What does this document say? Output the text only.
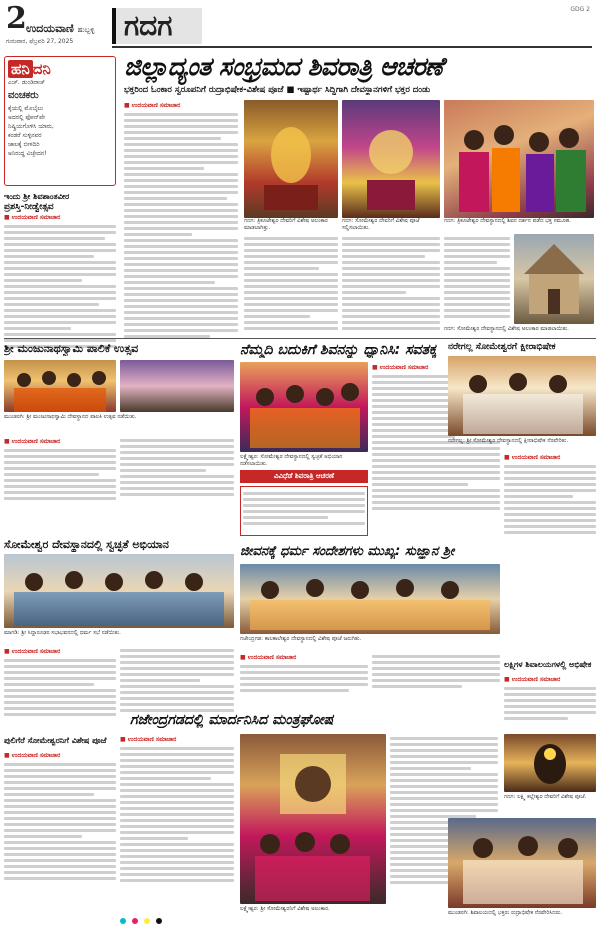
2 ಉದಯವಾಣಿ ಹುಬ್ಬಳ್ಳಿ
ಗುರುವಾರ, ಫೆಬ್ರವರಿ 27, 2025	ಗದಗ	GDG 2
ಜಿಲ್ಲಾದ್ಯಂತ ಸಂಭ್ರಮದ ಶಿವರಾತ್ರಿ ಆಚರಣೆ
ಭಕ್ತರಿಂದ ಓಂಕಾರ ಸ್ವರೂಪನಿಗೆ ರುದ್ರಾಭಿಷೇಕ-ವಿಶೇಷ ಪೂಜೆ ■ ಇಷ್ಟಾರ್ಥ ಸಿದ್ಧಿಗಾಗಿ ದೇವಸ್ಥಾನಗಳಿಗೆ ಭಕ್ತರ ದಂಡು
ಹನಿ ದನಿ
ಎಚ್. ಡುಂಡಿರಾಜ್
ವಂಚಕರು

ಕೈಯಲ್ಲಿ ಮೊಬೈಲು

ಅದರಲ್ಲಿ ಫೋನ್‌ಪೇ

ನಿಷ್ಕ್ರಿಯಗೊಳಿಸಿ ಯಾರು,

ಕಂಡರೆ ಸುಳ್ಳಿನವರ

ಜಾಲಕ್ಕೆ ಬೀಳದಿರಿ

ಅನಿರುದ್ಧ ವಿಚ್ಛೇದನ!

ಇಂದು ಶ್ರೀ ಶಿವಶಾಂತವೀರ
ಪ್ರಶಸ್ತಿ-ನೀಡ್ವೇತ್ಸವ
■ ಉದಯವಾಣಿ ಸಮಾಚಾರ
■ ಉದಯವಾಣಿ ಸಮಾಚಾರ
ಗದಗ: ತ್ರಿಕೂಟೇಶ್ವರ ದೇವರಿಗೆ ವಿಶೇಷ ಅಲಂಕಾರ ಮಾಡಲಾಗಿತ್ತು.
ಗದಗ: ಸೋಮೇಶ್ವರ ದೇವರಿಗೆ ವಿಶೇಷ ಪೂಜೆ ಸಲ್ಲಿಸಲಾಯಿತು.
ಗದಗ: ತ್ರಿಕೂಟೇಶ್ವರ ದೇವಸ್ಥಾನದಲ್ಲಿ ಶಿವನ ದರ್ಶನ ಪಡೆದ ಭಕ್ತ ಸಮೂಹ.
ಗದಗ: ಸೋಮೇಶ್ವರ ದೇವಸ್ಥಾನದಲ್ಲಿ ವಿಶೇಷ ಅಲಂಕಾರ ಮಾಡಲಾಯಿತು.
ಶ್ರೀ ಮಂಜುನಾಥಸ್ವಾಮಿ ಪಾಲಿಕೆ ಉತ್ಸವ
ಮುಂಡರಗಿ: ಶ್ರೀ ಮಂಜುನಾಥಸ್ವಾಮಿ ದೇವಸ್ಥಾನದ ಪಾಲಕಿ ಉತ್ಸವ ನಡೆಯಿತು.
■ ಉದಯವಾಣಿ ಸಮಾಚಾರ
ನೆಮ್ಮದಿ ಬದುಕಿಗೆ ಶಿವನನ್ನು ಧ್ಯಾನಿಸಿ: ಸವತಕ್ಕ
ಲಕ್ಷ್ಮೇಶ್ವರ: ಸೋಮೇಶ್ವರ ದೇವಸ್ಥಾನದಲ್ಲಿ ಸ್ವಚ್ಛತೆ ಅಭಿಯಾನ ನಡೆಸಲಾಯಿತು.
ವಿವಿಧೆಡೆ ಶಿವರಾತ್ರಿ ಆಚರಣೆ
■ ಉದಯವಾಣಿ ಸಮಾಚಾರ
ನರೇಗಲ್ಲ ಸೋಮೇಶ್ವರಗೆ ಕ್ಷೀರಾಭಿಷೇಕ
ನರೇಗಲ್ಲ: ಶ್ರೀ ಸೋಮೇಶ್ವರ ದೇವಸ್ಥಾನದಲ್ಲಿ ಕ್ಷೀರಾಭಿಷೇಕ ನೆರವೇರಿತು.
■ ಉದಯವಾಣಿ ಸಮಾಚಾರ
ಸೋಮೇಶ್ವರ ದೇವಸ್ಥಾನದಲ್ಲಿ ಸ್ವಚ್ಛತೆ ಅಭಿಯಾನ
ಮಾಗಡಿ: ಶ್ರೀ ಸಿದ್ದಾರೂಢರ ಸಭಾಭವನದಲ್ಲಿ ಧರ್ಮ ಸಭೆ ನಡೆಯಿತು.
■ ಉದಯವಾಣಿ ಸಮಾಚಾರ
ಜೀವನಕ್ಕೆ ಧರ್ಮ ಸಂದೇಶಗಳು ಮುಖ್ಯ: ಸುಜ್ಞಾನ ಶ್ರೀ
ಗಜೇಂದ್ರಗಡ: ಕಾಲಕಾಲೇಶ್ವರ ದೇವಸ್ಥಾನದಲ್ಲಿ ವಿಶೇಷ ಪೂಜೆ ಜರುಗಿತು.
■ ಉದಯವಾಣಿ ಸಮಾಚಾರ
ಲಕ್ಷ್ಮಿಗಳ ಶಿವಾಲಯಗಳಲ್ಲಿ ಅಭಿಷೇಕ
■ ಉದಯವಾಣಿ ಸಮಾಚಾರ
ಗಜೇಂದ್ರಗಡದಲ್ಲಿ ಮಾರ್ದನಿಸಿದ ಮಂತ್ರಘೋಷ
■ ಉದಯವಾಣಿ ಸಮಾಚಾರ
ಲಕ್ಷ್ಮೇಶ್ವರ: ಶ್ರೀ ಸೋಮೇಶ್ವರನಿಗೆ ವಿಶೇಷ ಅಲಂಕಾರ.
ಪುಲಿಗೆರೆ ಸೋಮೇಶ್ವರನಿಗೆ ವಿಶೇಷ ಪೂಜೆ
■ ಉದಯವಾಣಿ ಸಮಾಚಾರ
ಗದಗ: ಲಕ್ಷ್ಮಿ ಕಲ್ಲೇಶ್ವರ ದೇವರಿಗೆ ವಿಶೇಷ ಪೂಜೆ.
ಮುಂಡರಗಿ: ಶಿವಾಲಯದಲ್ಲಿ ಭಕ್ತರು ರುದ್ರಾಭಿಷೇಕ ನೆರವೇರಿಸಿದರು.
